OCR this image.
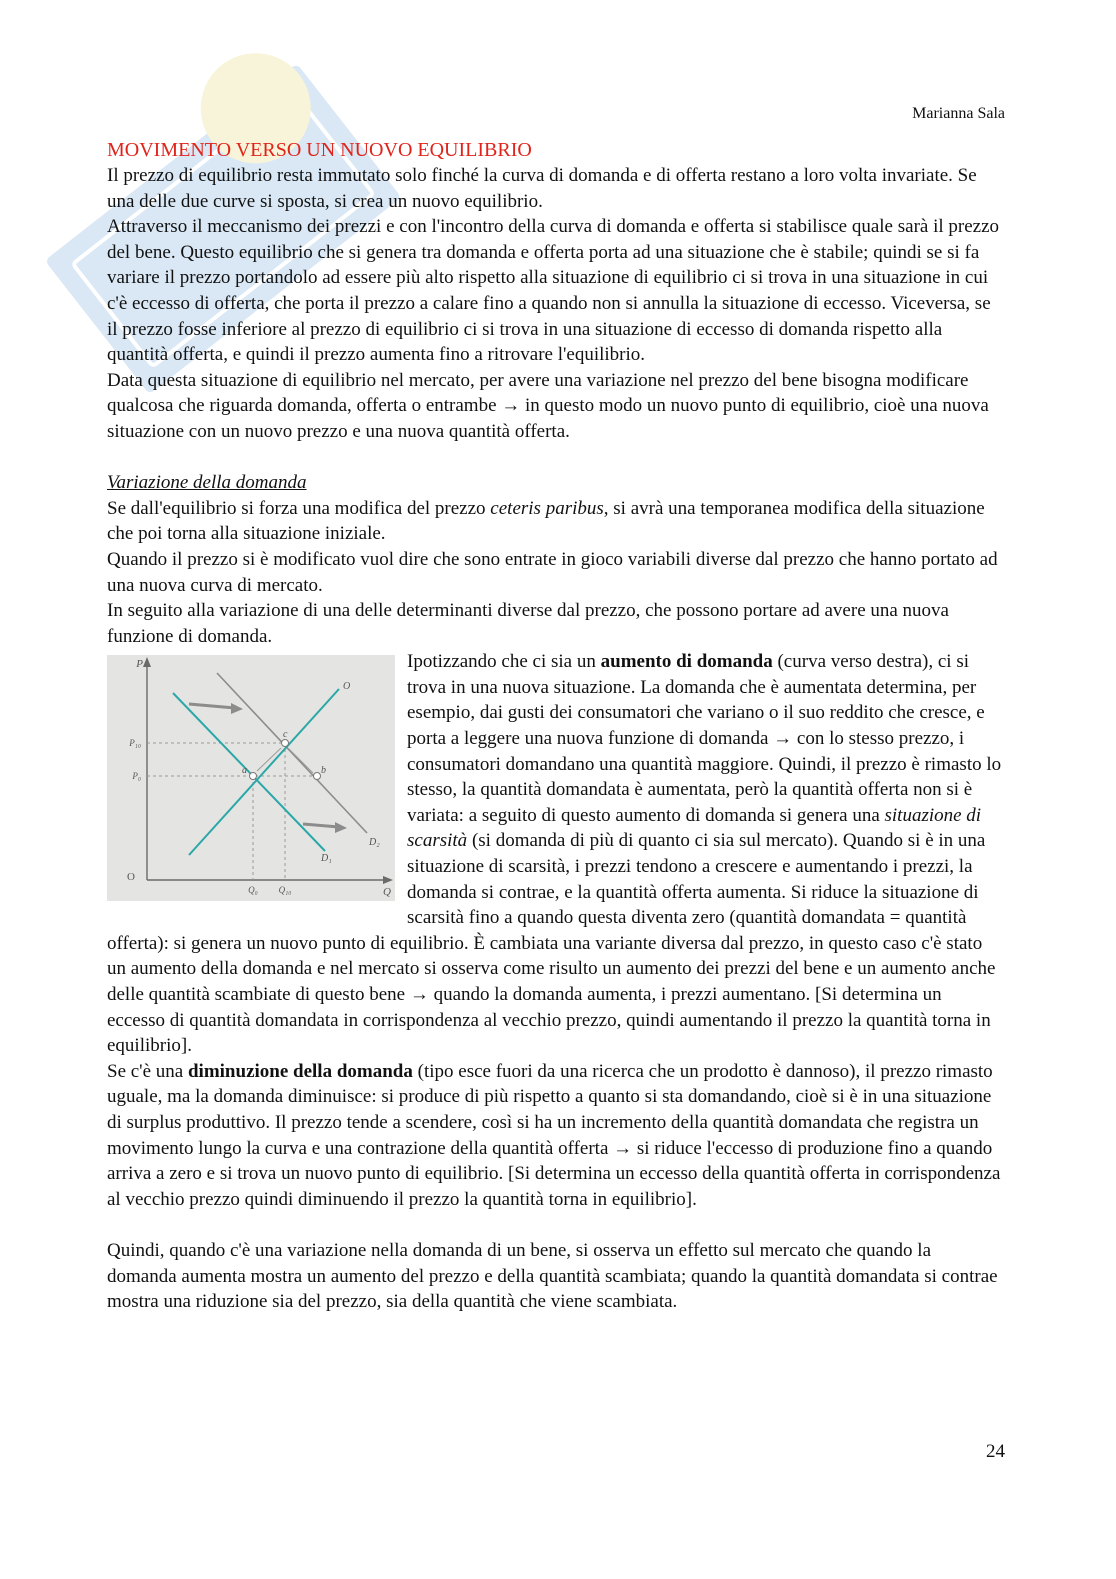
Marianna Sala
MOVIMENTO VERSO UN NUOVO EQUILIBRIO

Il prezzo di equilibrio resta immutato solo finché la curva di domanda e di offerta restano a loro volta invariate. Se una delle due curve si sposta, si crea un nuovo equilibrio.

Attraverso il meccanismo dei prezzi e con l'incontro della curva di domanda e offerta si stabilisce quale sarà il prezzo del bene. Questo equilibrio che si genera tra domanda e offerta porta ad una situazione che è stabile; quindi se si fa variare il prezzo portandolo ad essere più alto rispetto alla situazione di equilibrio ci si trova in una situazione in cui c'è eccesso di offerta, che porta il prezzo a calare fino a quando non si annulla la situazione di eccesso. Viceversa, se il prezzo fosse inferiore al prezzo di equilibrio ci si trova in una situazione di eccesso di domanda rispetto alla quantità offerta, e quindi il prezzo aumenta fino a ritrovare l'equilibrio.

Data questa situazione di equilibrio nel mercato, per avere una variazione nel prezzo del bene bisogna modificare qualcosa che riguarda domanda, offerta o entrambe → in questo modo un nuovo punto di equilibrio, cioè una nuova situazione con un nuovo prezzo e una nuova quantità offerta.

Variazione della domanda

Se dall'equilibrio si forza una modifica del prezzo ceteris paribus, si avrà una temporanea modifica della situazione che poi torna alla situazione iniziale.

Quando il prezzo si è modificato vuol dire che sono entrate in gioco variabili diverse dal prezzo che hanno portato ad una nuova curva di mercato.

In seguito alla variazione di una delle determinanti diverse dal prezzo, che possono portare ad avere una nuova funzione di domanda.

P
Q
O
a	b
c
O
D₁
D₂
P₁₀
P₀
Q₀ Q₁₀

Ipotizzando che ci sia un aumento di domanda (curva verso destra), ci si trova in una nuova situazione. La domanda che è aumentata determina, per esempio, dai gusti dei consumatori che variano o il suo reddito che cresce, e porta a leggere una nuova funzione di domanda → con lo stesso prezzo, i consumatori domandano una quantità maggiore. Quindi, il prezzo è rimasto lo stesso, la quantità domandata è aumentata, però la quantità offerta non si è variata: a seguito di questo aumento di domanda si genera una situazione di scarsità (si domanda di più di quanto ci sia sul mercato). Quando si è in una situazione di scarsità, i prezzi tendono a crescere e aumentando i prezzi, la domanda si contrae, e la quantità offerta aumenta. Si riduce la situazione di scarsità fino a quando questa diventa zero (quantità domandata = quantità offerta): si genera un nuovo punto di equilibrio. È cambiata una variante diversa dal prezzo, in questo caso c'è stato un aumento della domanda e nel mercato si osserva come risulto un aumento dei prezzi del bene e un aumento anche delle quantità scambiate di questo bene → quando la domanda aumenta, i prezzi aumentano. [Si determina un eccesso di quantità domandata in corrispondenza al vecchio prezzo, quindi aumentando il prezzo la quantità torna in equilibrio].

Se c'è una diminuzione della domanda (tipo esce fuori da una ricerca che un prodotto è dannoso), il prezzo rimasto uguale, ma la domanda diminuisce: si produce di più rispetto a quanto si sta domandando, cioè si è in una situazione di surplus produttivo. Il prezzo tende a scendere, così si ha un incremento della quantità domandata che registra un movimento lungo la curva e una contrazione della quantità offerta → si riduce l'eccesso di produzione fino a quando arriva a zero e si trova un nuovo punto di equilibrio. [Si determina un eccesso della quantità offerta in corrispondenza al vecchio prezzo quindi diminuendo il prezzo la quantità torna in equilibrio].

Quindi, quando c'è una variazione nella domanda di un bene, si osserva un effetto sul mercato che quando la domanda aumenta mostra un aumento del prezzo e della quantità scambiata; quando la quantità domandata si contrae mostra una riduzione sia del prezzo, sia della quantità che viene scambiata.

24
